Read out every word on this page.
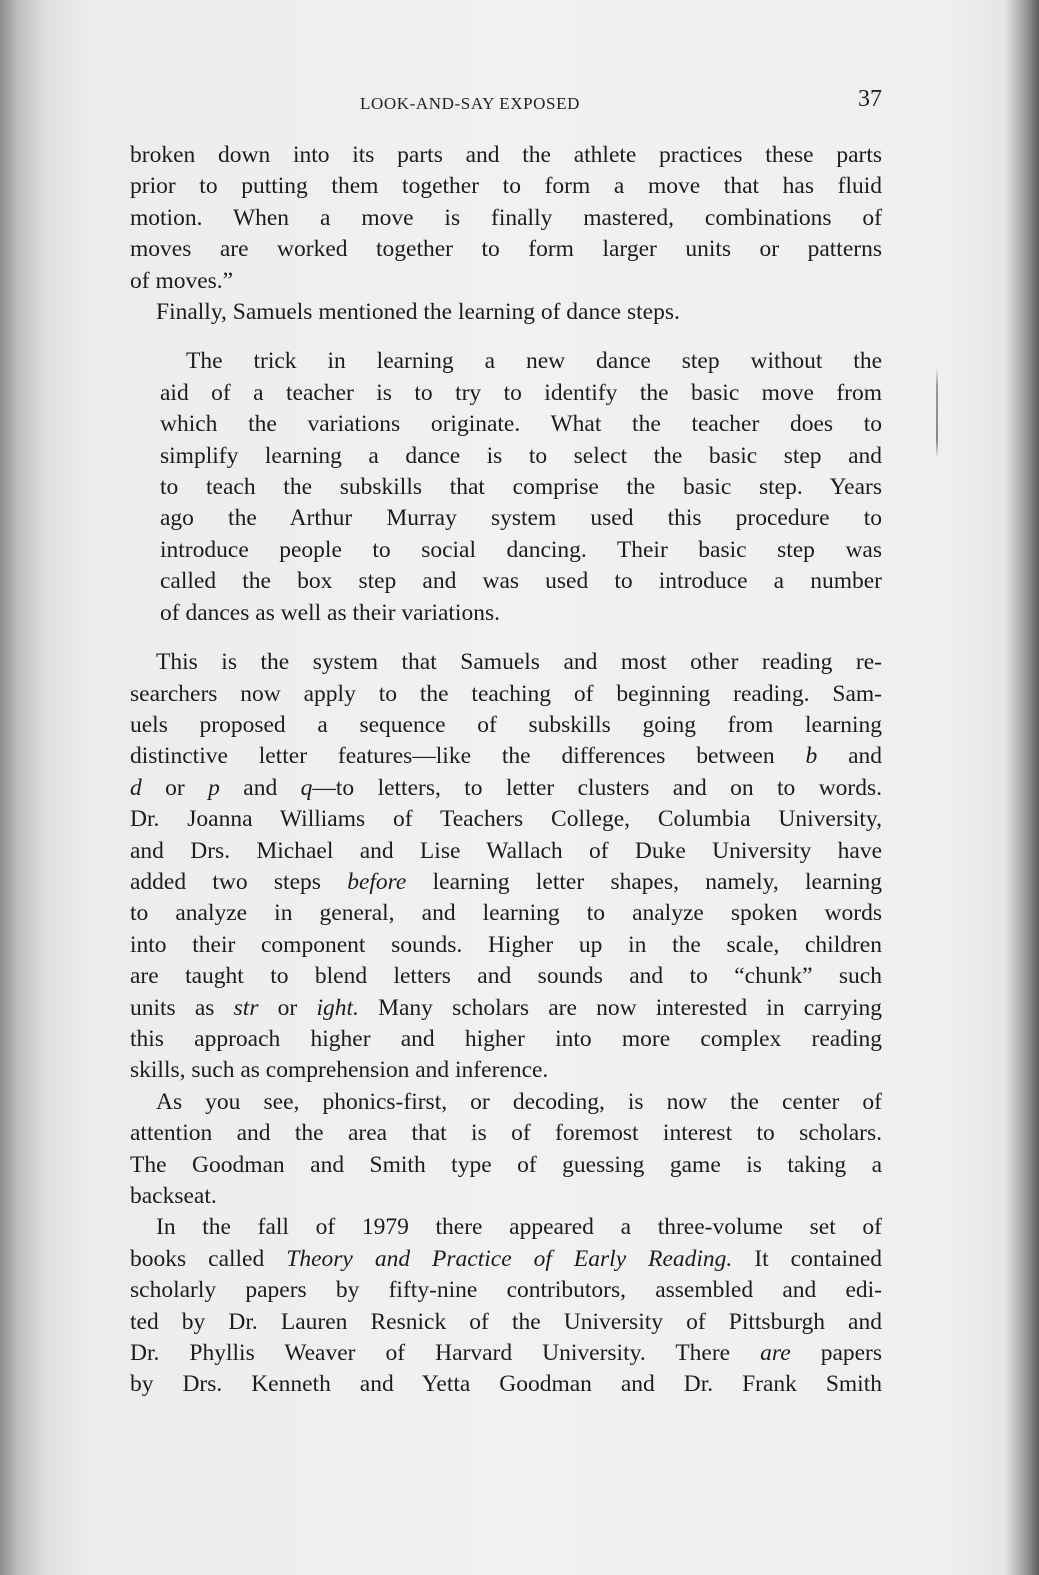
LOOK-AND-SAY EXPOSED	37

broken down into its parts and the athlete practices these parts

prior to putting them together to form a move that has fluid

motion. When a move is finally mastered, combinations of

moves are worked together to form larger units or patterns

of moves.”

Finally, Samuels mentioned the learning of dance steps.

The trick in learning a new dance step without the

aid of a teacher is to try to identify the basic move from

which the variations originate. What the teacher does to

simplify learning a dance is to select the basic step and

to teach the subskills that comprise the basic step. Years

ago the Arthur Murray system used this procedure to

introduce people to social dancing. Their basic step was

called the box step and was used to introduce a number

of dances as well as their variations.

This is the system that Samuels and most other reading re-

searchers now apply to the teaching of beginning reading. Sam-

uels proposed a sequence of subskills going from learning

distinctive letter features—like the differences between b and

d or p and q—to letters, to letter clusters and on to words.

Dr. Joanna Williams of Teachers College, Columbia University,

and Drs. Michael and Lise Wallach of Duke University have

added two steps before learning letter shapes, namely, learning

to analyze in general, and learning to analyze spoken words

into their component sounds. Higher up in the scale, children

are taught to blend letters and sounds and to “chunk” such

units as str or ight. Many scholars are now interested in carrying

this approach higher and higher into more complex reading

skills, such as comprehension and inference.

As you see, phonics-first, or decoding, is now the center of

attention and the area that is of foremost interest to scholars.

The Goodman and Smith type of guessing game is taking a

backseat.

In the fall of 1979 there appeared a three-volume set of

books called Theory and Practice of Early Reading. It contained

scholarly papers by fifty-nine contributors, assembled and edi-

ted by Dr. Lauren Resnick of the University of Pittsburgh and

Dr. Phyllis Weaver of Harvard University. There are papers

by Drs. Kenneth and Yetta Goodman and Dr. Frank Smith
